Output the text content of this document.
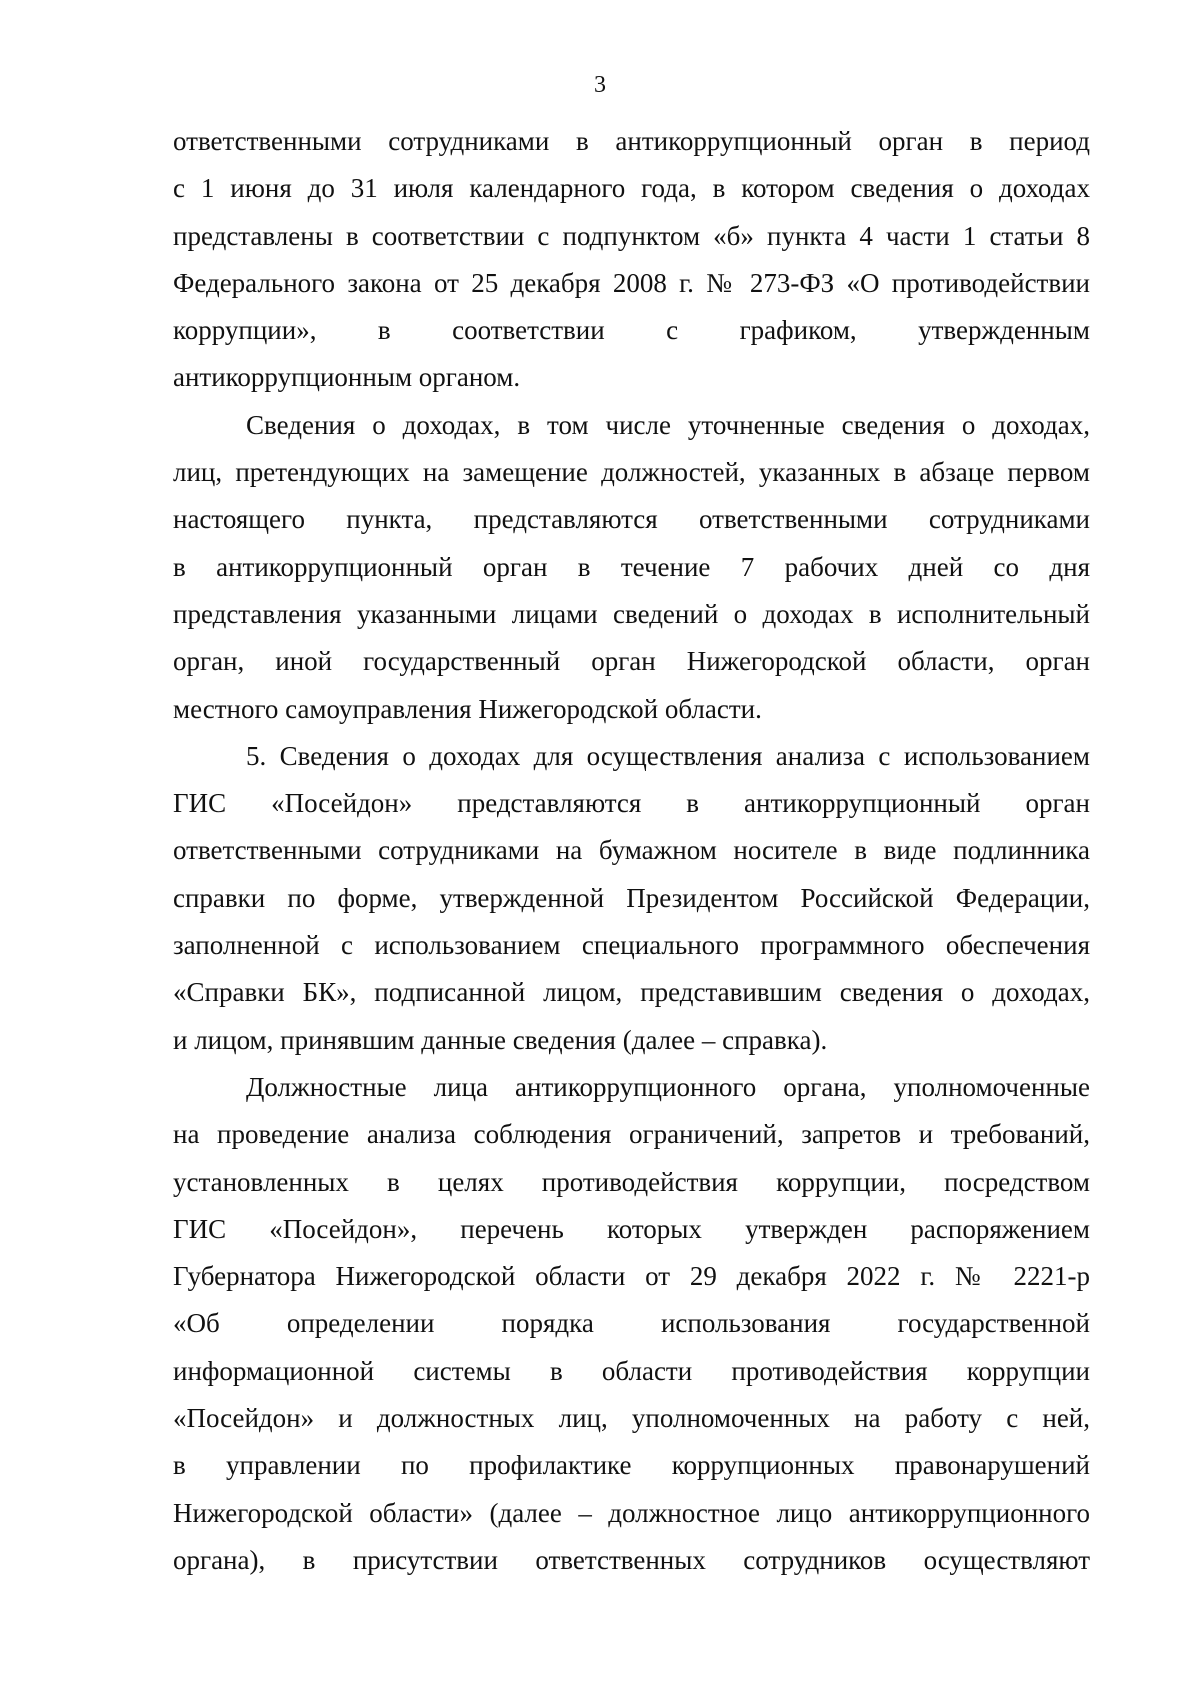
3
ответственными сотрудниками в антикоррупционный орган в период
с 1 июня до 31 июля календарного года, в котором сведения о доходах
представлены в соответствии с подпунктом «б» пункта 4 части 1 статьи 8
Федерального закона от 25 декабря 2008 г. № 273-ФЗ «О противодействии
коррупции», в соответствии с графиком, утвержденным
антикоррупционным органом.
Сведения о доходах, в том числе уточненные сведения о доходах,
лиц, претендующих на замещение должностей, указанных в абзаце первом
настоящего пункта, представляются ответственными сотрудниками
в антикоррупционный орган в течение 7 рабочих дней со дня
представления указанными лицами сведений о доходах в исполнительный
орган, иной государственный орган Нижегородской области, орган
местного самоуправления Нижегородской области.
5. Сведения о доходах для осуществления анализа с использованием
ГИС «Посейдон» представляются в антикоррупционный орган
ответственными сотрудниками на бумажном носителе в виде подлинника
справки по форме, утвержденной Президентом Российской Федерации,
заполненной с использованием специального программного обеспечения
«Справки БК», подписанной лицом, представившим сведения о доходах,
и лицом, принявшим данные сведения (далее – справка).
Должностные лица антикоррупционного органа, уполномоченные
на проведение анализа соблюдения ограничений, запретов и требований,
установленных в целях противодействия коррупции, посредством
ГИС «Посейдон», перечень которых утвержден распоряжением
Губернатора Нижегородской области от 29 декабря 2022 г. № 2221-р
«Об определении порядка использования государственной
информационной системы в области противодействия коррупции
«Посейдон» и должностных лиц, уполномоченных на работу с ней,
в управлении по профилактике коррупционных правонарушений
Нижегородской области» (далее – должностное лицо антикоррупционного
органа), в присутствии ответственных сотрудников осуществляют
